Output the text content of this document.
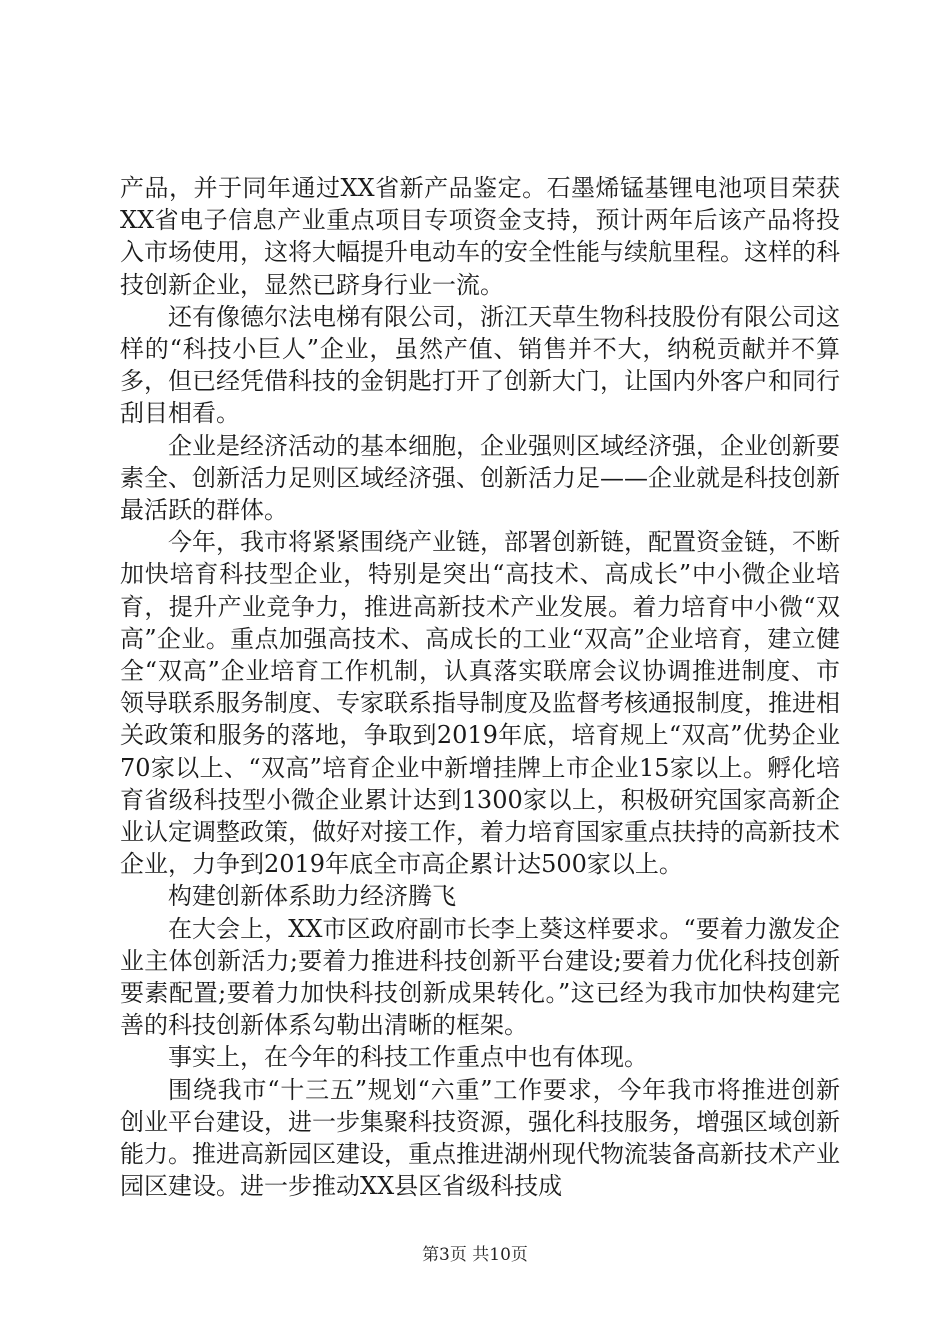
产品，并于同年通过XX省新产品鉴定。石墨烯锰基锂电池项目荣获XX省电子信息产业重点项目专项资金支持，预计两年后该产品将投入市场使用，这将大幅提升电动车的安全性能与续航里程。这样的科技创新企业，显然已跻身行业一流。

还有像德尔法电梯有限公司，浙江天草生物科技股份有限公司这样的“科技小巨人”企业，虽然产值、销售并不大，纳税贡献并不算多，但已经凭借科技的金钥匙打开了创新大门，让国内外客户和同行刮目相看。

企业是经济活动的基本细胞，企业强则区域经济强，企业创新要素全、创新活力足则区域经济强、创新活力足——企业就是科技创新最活跃的群体。

今年，我市将紧紧围绕产业链，部署创新链，配置资金链，不断加快培育科技型企业，特别是突出“高技术、高成长”中小微企业培育，提升产业竞争力，推进高新技术产业发展。着力培育中小微“双高”企业。重点加强高技术、高成长的工业“双高”企业培育，建立健全“双高”企业培育工作机制，认真落实联席会议协调推进制度、市领导联系服务制度、专家联系指导制度及监督考核通报制度，推进相关政策和服务的落地，争取到2019年底，培育规上“双高”优势企业70家以上、“双高”培育企业中新增挂牌上市企业15家以上。孵化培育省级科技型小微企业累计达到1300家以上，积极研究国家高新企业认定调整政策，做好对接工作，着力培育国家重点扶持的高新技术企业，力争到2019年底全市高企累计达500家以上。

构建创新体系助力经济腾飞

在大会上，XX市区政府副市长李上葵这样要求。“要着力激发企业主体创新活力;要着力推进科技创新平台建设;要着力优化科技创新要素配置;要着力加快科技创新成果转化。”这已经为我市加快构建完善的科技创新体系勾勒出清晰的框架。

事实上，在今年的科技工作重点中也有体现。

围绕我市“十三五”规划“六重”工作要求，今年我市将推进创新创业平台建设，进一步集聚科技资源，强化科技服务，增强区域创新能力。推进高新园区建设，重点推进湖州现代物流装备高新技术产业园区建设。进一步推动XX县区省级科技成

第3页 共10页
